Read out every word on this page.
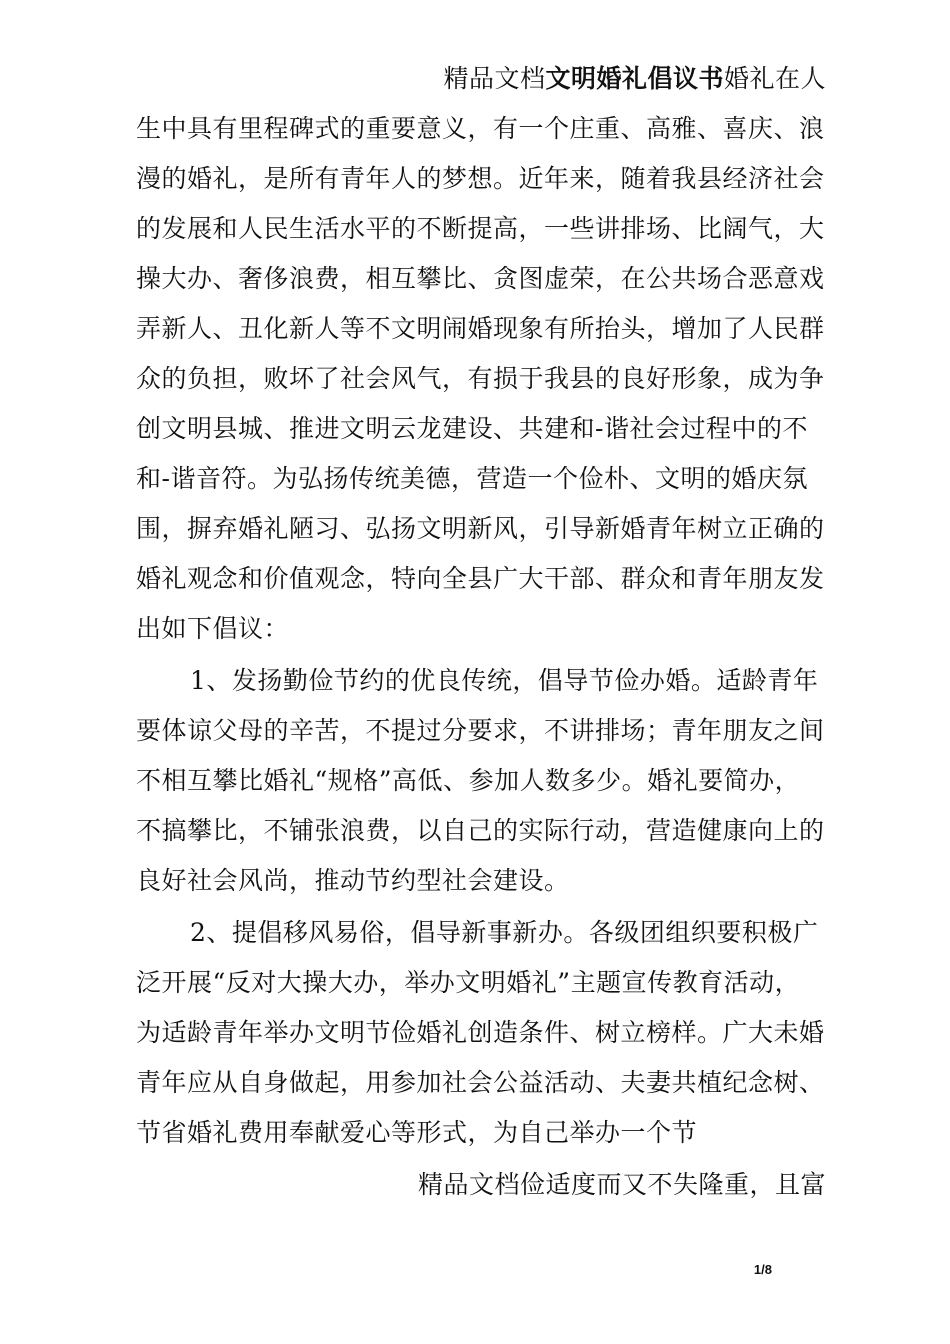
精品文档文明婚礼倡议书婚礼在人
生中具有里程碑式的重要意义，有一个庄重、高雅、喜庆、浪
漫的婚礼，是所有青年人的梦想。近年来，随着我县经济社会
的发展和人民生活水平的不断提高，一些讲排场、比阔气，大
操大办、奢侈浪费，相互攀比、贪图虚荣，在公共场合恶意戏
弄新人、丑化新人等不文明闹婚现象有所抬头，增加了人民群
众的负担，败坏了社会风气，有损于我县的良好形象，成为争
创文明县城、推进文明云龙建设、共建和-谐社会过程中的不
和-谐音符。为弘扬传统美德，营造一个俭朴、文明的婚庆氛
围，摒弃婚礼陋习、弘扬文明新风，引导新婚青年树立正确的
婚礼观念和价值观念，特向全县广大干部、群众和青年朋友发
出如下倡议：
1、发扬勤俭节约的优良传统，倡导节俭办婚。适龄青年
要体谅父母的辛苦，不提过分要求，不讲排场；青年朋友之间
不相互攀比婚礼“规格”高低、参加人数多少。婚礼要简办，
不搞攀比，不铺张浪费，以自己的实际行动，营造健康向上的
良好社会风尚，推动节约型社会建设。
2、提倡移风易俗，倡导新事新办。各级团组织要积极广
泛开展“反对大操大办，举办文明婚礼”主题宣传教育活动，
为适龄青年举办文明节俭婚礼创造条件、树立榜样。广大未婚
青年应从自身做起，用参加社会公益活动、夫妻共植纪念树、
节省婚礼费用奉献爱心等形式，为自己举办一个节
精品文档俭适度而又不失隆重，且富
1/8
